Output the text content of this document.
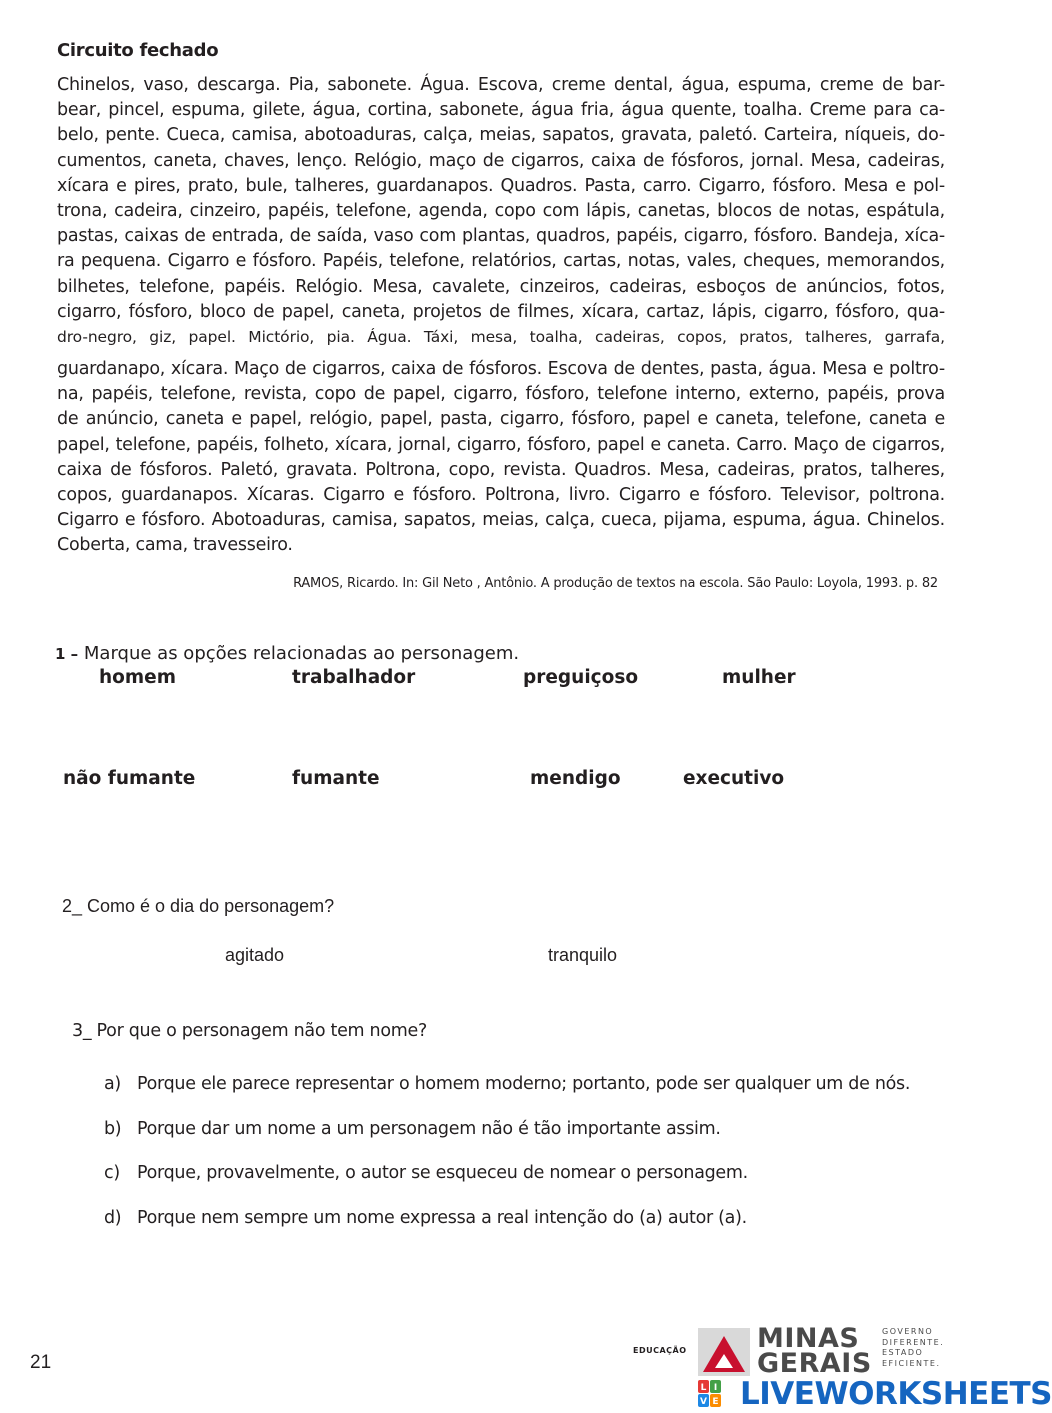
Circuito fechado
Chinelos, vaso, descarga. Pia, sabonete. Água. Escova, creme dental, água, espuma, creme de bar-
bear, pincel, espuma, gilete, água, cortina, sabonete, água fria, água quente, toalha. Creme para ca-
belo, pente. Cueca, camisa, abotoaduras, calça, meias, sapatos, gravata, paletó. Carteira, níqueis, do-
cumentos, caneta, chaves, lenço. Relógio, maço de cigarros, caixa de fósforos, jornal. Mesa, cadeiras,
xícara e pires, prato, bule, talheres, guardanapos. Quadros. Pasta, carro. Cigarro, fósforo. Mesa e pol-
trona, cadeira, cinzeiro, papéis, telefone, agenda, copo com lápis, canetas, blocos de notas, espátula,
pastas, caixas de entrada, de saída, vaso com plantas, quadros, papéis, cigarro, fósforo. Bandeja, xíca-
ra pequena. Cigarro e fósforo. Papéis, telefone, relatórios, cartas, notas, vales, cheques, memorandos,
bilhetes, telefone, papéis. Relógio. Mesa, cavalete, cinzeiros, cadeiras, esboços de anúncios, fotos,
cigarro, fósforo, bloco de papel, caneta, projetos de filmes, xícara, cartaz, lápis, cigarro, fósforo, qua-
dro-negro, giz, papel. Mictório, pia. Água. Táxi, mesa, toalha, cadeiras, copos, pratos, talheres, garrafa,
guardanapo, xícara. Maço de cigarros, caixa de fósforos. Escova de dentes, pasta, água. Mesa e poltro-
na, papéis, telefone, revista, copo de papel, cigarro, fósforo, telefone interno, externo, papéis, prova
de anúncio, caneta e papel, relógio, papel, pasta, cigarro, fósforo, papel e caneta, telefone, caneta e
papel, telefone, papéis, folheto, xícara, jornal, cigarro, fósforo, papel e caneta. Carro. Maço de cigarros,
caixa de fósforos. Paletó, gravata. Poltrona, copo, revista. Quadros. Mesa, cadeiras, pratos, talheres,
copos, guardanapos. Xícaras. Cigarro e fósforo. Poltrona, livro. Cigarro e fósforo. Televisor, poltrona.
Cigarro e fósforo. Abotoaduras, camisa, sapatos, meias, calça, cueca, pijama, espuma, água. Chinelos.
Coberta, cama, travesseiro.
RAMOS, Ricardo. In: Gil Neto , Antônio. A produção de textos na escola. São Paulo: Loyola, 1993. p. 82
1 – Marque as opções relacionadas ao personagem.
homem	trabalhador	preguiçoso	mulher
não fumante	fumante	mendigo	executivo
2_ Como é o dia do personagem?
agitado	tranquilo
3_ Por que o personagem não tem nome?
a) Porque ele parece representar o homem moderno; portanto, pode ser qualquer um de nós.
b) Porque dar um nome a um personagem não é tão importante assim.
c) Porque, provavelmente, o autor se esqueceu de nomear o personagem.
d) Porque nem sempre um nome expressa a real intenção do (a) autor (a).
21
EDUCAÇÃO	MINAS
GERAIS
GOVERNO
DIFERENTE.
ESTADO
EFICIENTE.
L I
V E LIVEWORKSHEETS
